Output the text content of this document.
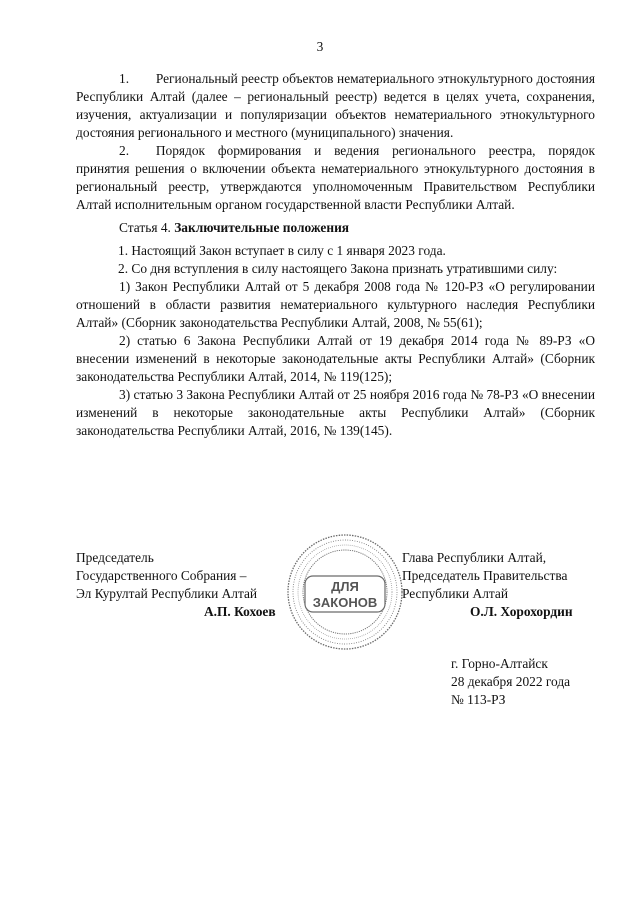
3

1.  Региональный реестр объектов нематериального этнокультурного достояния Республики Алтай (далее – региональный реестр) ведется в целях учета, сохранения, изучения, актуализации и популяризации объектов нематериального этнокультурного достояния регионального и местного (муниципального) значения.

2.  Порядок формирования и ведения регионального реестра, порядок принятия решения о включении объекта нематериального этнокультурного достояния в региональный реестр, утверждаются уполномоченным Правительством Республики Алтай исполнительным органом государственной власти Республики Алтай.

Статья 4. Заключительные положения

1. Настоящий Закон вступает в силу с 1 января 2023 года.

2. Со дня вступления в силу настоящего Закона признать утратившими силу:

1) Закон Республики Алтай от 5 декабря 2008 года № 120-РЗ «О регулировании отношений в области развития нематериального культурного наследия Республики Алтай» (Сборник законодательства Республики Алтай, 2008, № 55(61);

2) статью 6 Закона Республики Алтай от 19 декабря 2014 года № 89-РЗ «О внесении изменений в некоторые законодательные акты Республики Алтай» (Сборник законодательства Республики Алтай, 2014, № 119(125);

3) статью 3 Закона Республики Алтай от 25 ноября 2016 года № 78-РЗ «О внесении изменений в некоторые законодательные акты Республики Алтай» (Сборник законодательства Республики Алтай, 2016, № 139(145).

Председатель
Государственного Собрания –
Эл Курултай Республики Алтай
А.П. Кохоев
Глава Республики Алтай,
Председатель Правительства
Республики Алтай
О.Л. Хорохордин
ДЛЯ
ЗАКОНОВ
г. Горно-Алтайск
28 декабря 2022 года
№ 113-РЗ
